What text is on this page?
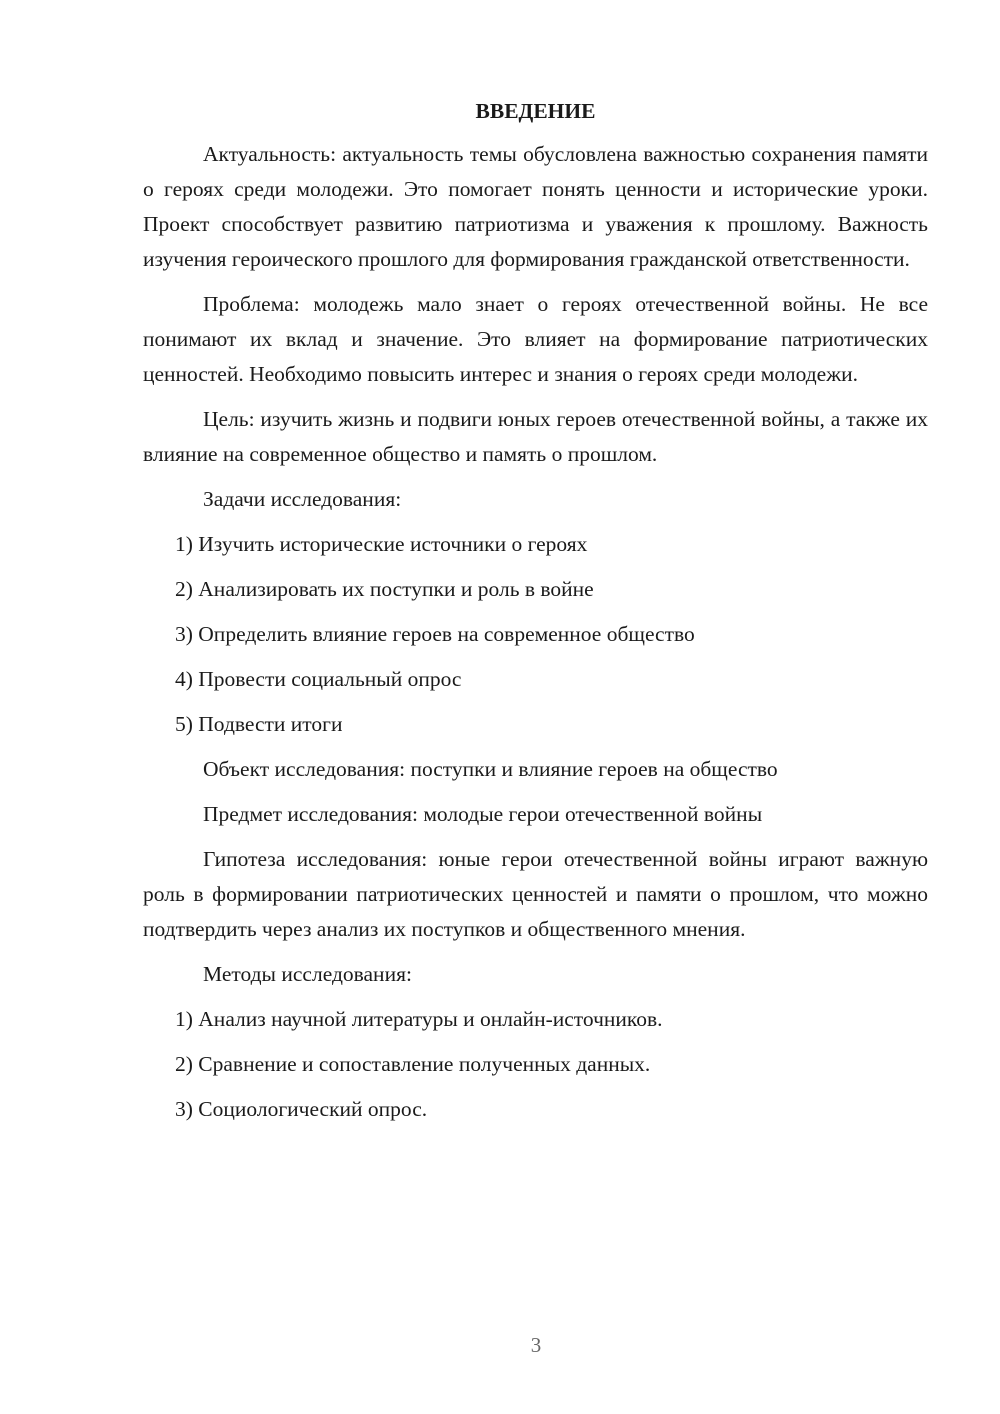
ВВЕДЕНИЕ

Актуальность: актуальность темы обусловлена важностью сохранения памяти о героях среди молодежи. Это помогает понять ценности и исторические уроки. Проект способствует развитию патриотизма и уважения к прошлому. Важность изучения героического прошлого для формирования гражданской ответственности.

Проблема: молодежь мало знает о героях отечественной войны. Не все понимают их вклад и значение. Это влияет на формирование патриотических ценностей. Необходимо повысить интерес и знания о героях среди молодежи.

Цель: изучить жизнь и подвиги юных героев отечественной войны, а также их влияние на современное общество и память о прошлом.

Задачи исследования:
1) Изучить исторические источники о героях
2) Анализировать их поступки и роль в войне
3) Определить влияние героев на современное общество
4) Провести социальный опрос
5) Подвести итоги
Объект исследования: поступки и влияние героев на общество
Предмет исследования: молодые герои отечественной войны

Гипотеза исследования: юные герои отечественной войны играют важную роль в формировании патриотических ценностей и памяти о прошлом, что можно подтвердить через анализ их поступков и общественного мнения.

Методы исследования:
1) Анализ научной литературы и онлайн-источников.
2) Сравнение и сопоставление полученных данных.
3) Социологический опрос.
3
